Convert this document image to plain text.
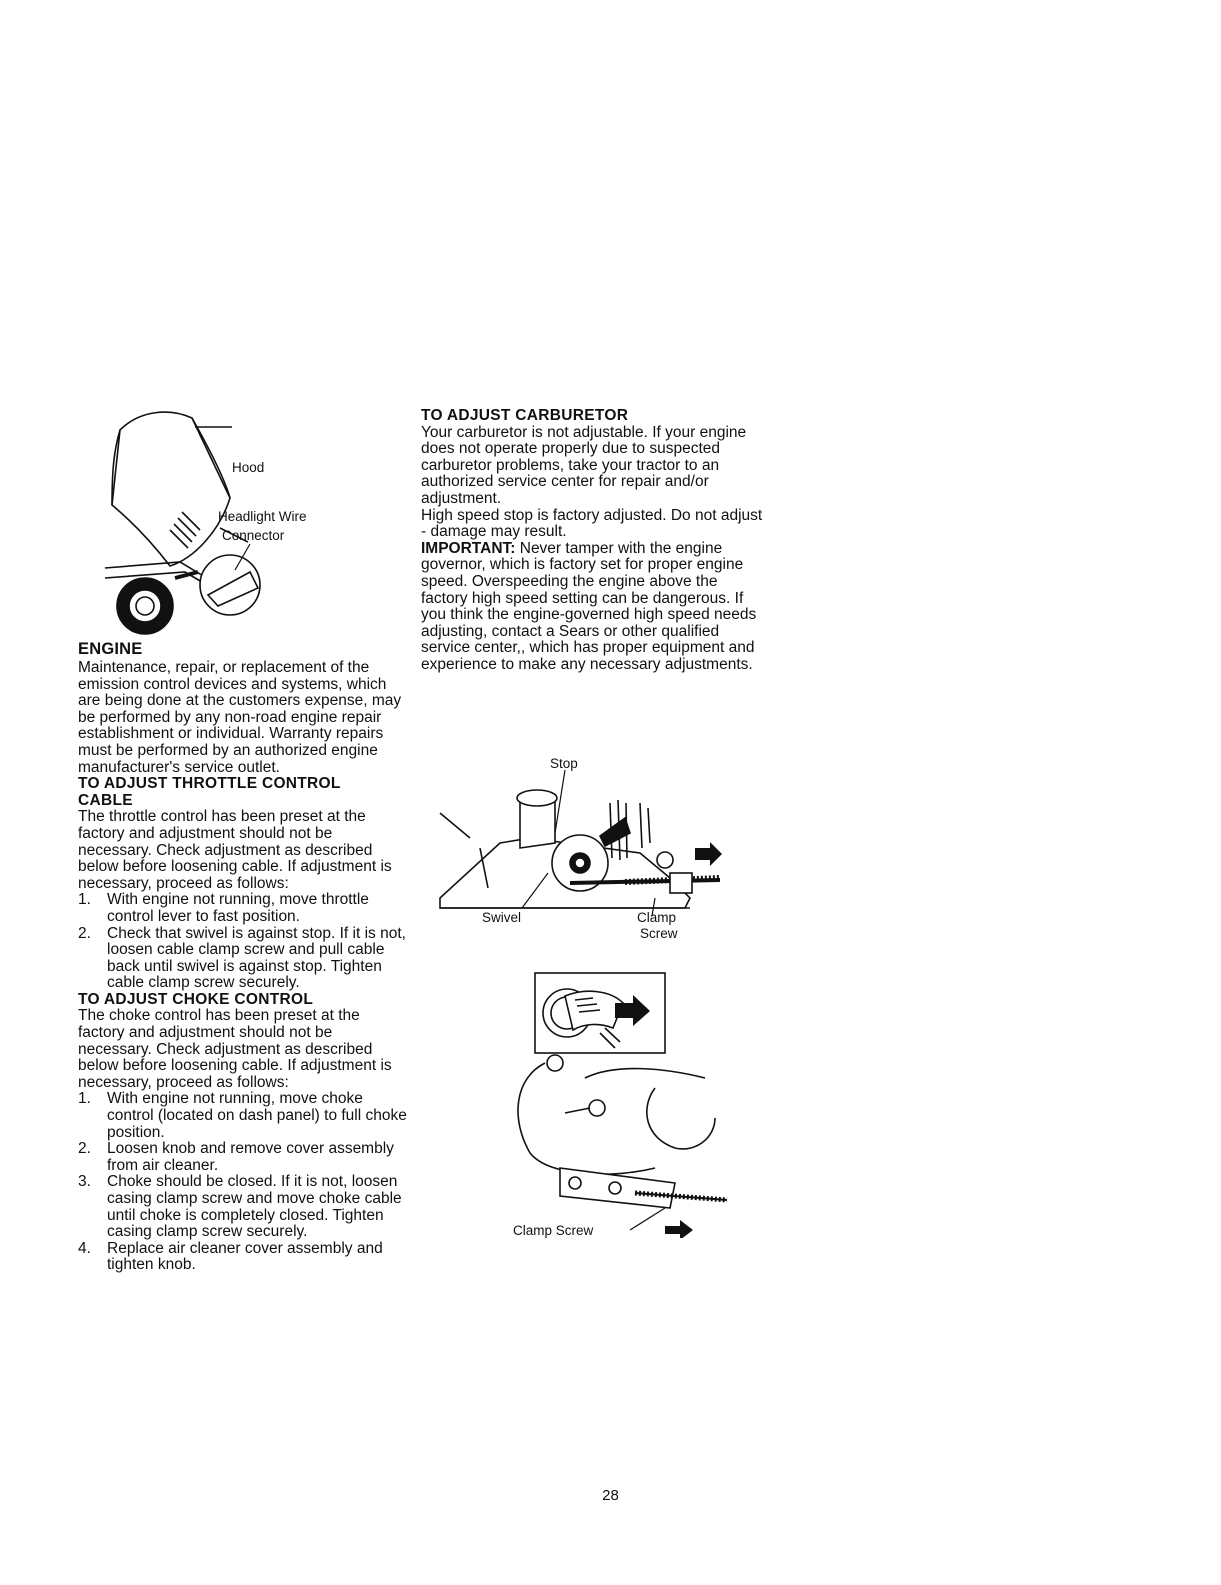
Hood
Headlight Wire
Connector
ENGINE

Maintenance, repair, or replacement of the emission control devices and systems, which are being done at the customers expense, may be performed by any non-road engine repair establishment or individual. Warranty repairs must be performed by an authorized engine manufacturer's service outlet.

TO ADJUST THROTTLE CONTROL
CABLE

The throttle control has been preset at the factory and adjustment should not be necessary. Check adjustment as described below before loosening cable. If adjustment is necessary, proceed as follows:

1. With engine not running, move throttle control lever to fast position.
2. Check that swivel is against stop. If it is not, loosen cable clamp screw and pull cable back until swivel is against stop. Tighten cable clamp screw securely.
TO ADJUST CHOKE CONTROL

The choke control has been preset at the factory and adjustment should not be necessary. Check adjustment as described below before loosening cable. If adjustment is necessary, proceed as follows:

1. With engine not running, move choke control (located on dash panel) to full choke position.
2. Loosen knob and remove cover assembly from air cleaner.
3. Choke should be closed. If it is not, loosen casing clamp screw and move choke cable until choke is completely closed. Tighten casing clamp screw securely.
4. Replace air cleaner cover assembly and tighten knob.
TO ADJUST CARBURETOR

Your carburetor is not adjustable. If your engine does not operate properly due to suspected carburetor problems, take your tractor to an authorized service center for repair and/or adjustment.

High speed stop is factory adjusted. Do not adjust - damage may result.

IMPORTANT: Never tamper with the engine governor, which is factory set for proper engine speed. Overspeeding the engine above the factory high speed setting can be dangerous. If you think the engine-governed high speed needs adjusting, contact a Sears or other qualified service center,, which has proper equipment and experience to make any necessary adjustments.

Stop
Swivel	Clamp
Screw
Clamp Screw
28
